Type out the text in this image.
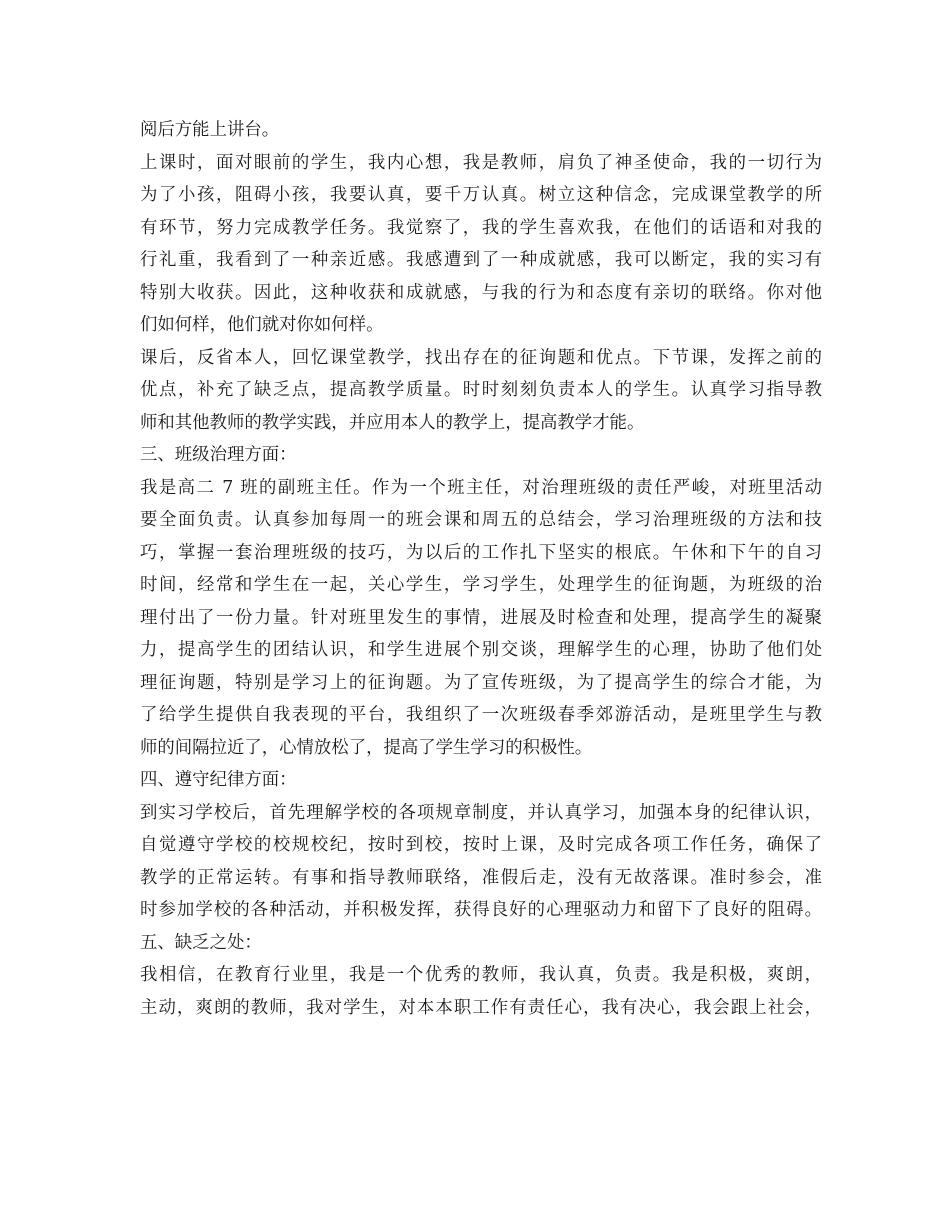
阅后方能上讲台。
上课时，面对眼前的学生，我内心想，我是教师，肩负了神圣使命，我的一切行为
为了小孩，阻碍小孩，我要认真，要千万认真。树立这种信念，完成课堂教学的所
有环节，努力完成教学任务。我觉察了，我的学生喜欢我，在他们的话语和对我的
行礼重，我看到了一种亲近感。我感遭到了一种成就感，我可以断定，我的实习有
特别大收获。因此，这种收获和成就感，与我的行为和态度有亲切的联络。你对他
们如何样，他们就对你如何样。
课后，反省本人，回忆课堂教学，找出存在的征询题和优点。下节课，发挥之前的
优点，补充了缺乏点，提高教学质量。时时刻刻负责本人的学生。认真学习指导教
师和其他教师的教学实践，并应用本人的教学上，提高教学才能。
三、班级治理方面：
我是高二 7 班的副班主任。作为一个班主任，对治理班级的责任严峻，对班里活动
要全面负责。认真参加每周一的班会课和周五的总结会，学习治理班级的方法和技
巧，掌握一套治理班级的技巧，为以后的工作扎下坚实的根底。午休和下午的自习
时间，经常和学生在一起，关心学生，学习学生，处理学生的征询题，为班级的治
理付出了一份力量。针对班里发生的事情，进展及时检查和处理，提高学生的凝聚
力，提高学生的团结认识，和学生进展个别交谈，理解学生的心理，协助了他们处
理征询题，特别是学习上的征询题。为了宣传班级，为了提高学生的综合才能，为
了给学生提供自我表现的平台，我组织了一次班级春季郊游活动，是班里学生与教
师的间隔拉近了，心情放松了，提高了学生学习的积极性。
四、遵守纪律方面：
到实习学校后，首先理解学校的各项规章制度，并认真学习，加强本身的纪律认识，
自觉遵守学校的校规校纪，按时到校，按时上课，及时完成各项工作任务，确保了
教学的正常运转。有事和指导教师联络，准假后走，没有无故落课。准时参会，准
时参加学校的各种活动，并积极发挥，获得良好的心理驱动力和留下了良好的阻碍。
五、缺乏之处：
我相信，在教育行业里，我是一个优秀的教师，我认真，负责。我是积极，爽朗，
主动，爽朗的教师，我对学生，对本本职工作有责任心，我有决心，我会跟上社会，
